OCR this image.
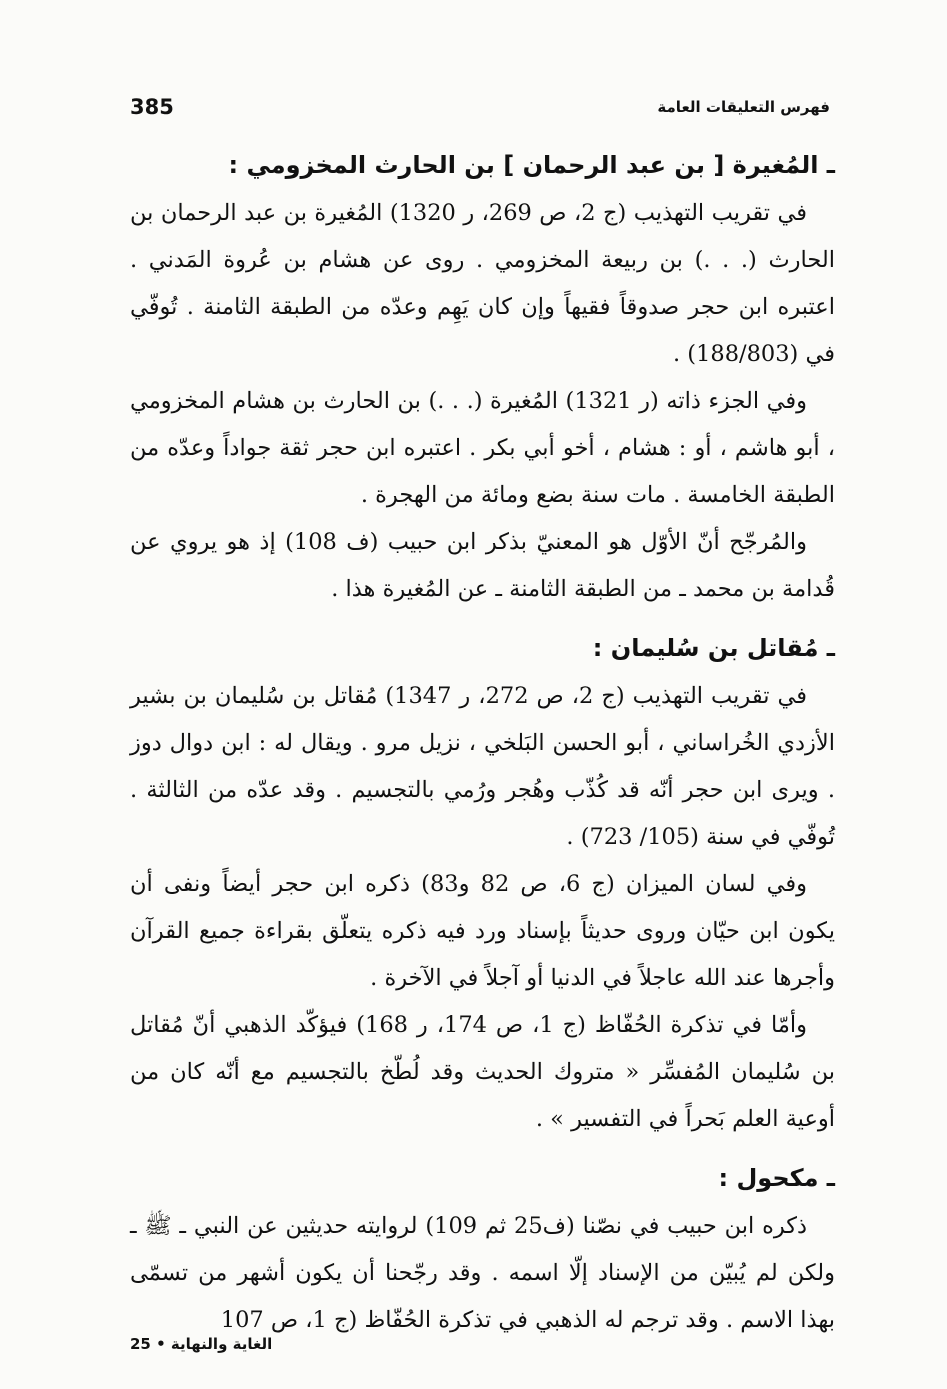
385	فهرس التعليقات العامة

ـ المُغيرة [ بن عبد الرحمان ] بن الحارث المخزومي :

في تقريب التهذيب (ج 2، ص 269، ر 1320) المُغيرة بن عبد الرحمان بن الحارث (. . .) بن ربيعة المخزومي . روى عن هشام بن عُروة المَدني . اعتبره ابن حجر صدوقاً فقيهاً وإن كان يَهِم وعدّه من الطبقة الثامنة . تُوفّي في (188/803) .

وفي الجزء ذاته (ر 1321) المُغيرة (. . .) بن الحارث بن هشام المخزومي ، أبو هاشم ، أو : هشام ، أخو أبي بكر . اعتبره ابن حجر ثقة جواداً وعدّه من الطبقة الخامسة . مات سنة بضع ومائة من الهجرة .

والمُرجّح أنّ الأوّل هو المعنيّ بذكر ابن حبيب (ف 108) إذ هو يروي عن قُدامة بن محمد ـ من الطبقة الثامنة ـ عن المُغيرة هذا .

ـ مُقاتل بن سُليمان :

في تقريب التهذيب (ج 2، ص 272، ر 1347) مُقاتل بن سُليمان بن بشير الأزدي الخُراساني ، أبو الحسن البَلخي ، نزيل مرو . ويقال له : ابن دوال دوز . ويرى ابن حجر أنّه قد كُذّب وهُجر ورُمي بالتجسيم . وقد عدّه من الثالثة . تُوفّي في سنة (105/ 723) .

وفي لسان الميزان (ج 6، ص 82 و83) ذكره ابن حجر أيضاً ونفى أن يكون ابن حيّان وروى حديثاً بإسناد ورد فيه ذكره يتعلّق بقراءة جميع القرآن وأجرها عند الله عاجلاً في الدنيا أو آجلاً في الآخرة .

وأمّا في تذكرة الحُفّاظ (ج 1، ص 174، ر 168) فيؤكّد الذهبي أنّ مُقاتل بن سُليمان المُفسِّر « متروك الحديث وقد لُطّخ بالتجسيم مع أنّه كان من أوعية العلم بَحراً في التفسير » .

ـ مكحول :

ذكره ابن حبيب في نصّنا (ف25 ثم 109) لروايته حديثين عن النبي ـ ﷺ ـ ولكن لم يُبيّن من الإسناد إلّا اسمه . وقد رجّحنا أن يكون أشهر من تسمّى بهذا الاسم . وقد ترجم له الذهبي في تذكرة الحُفّاظ (ج 1، ص 107

25 • الغاية والنهاية
